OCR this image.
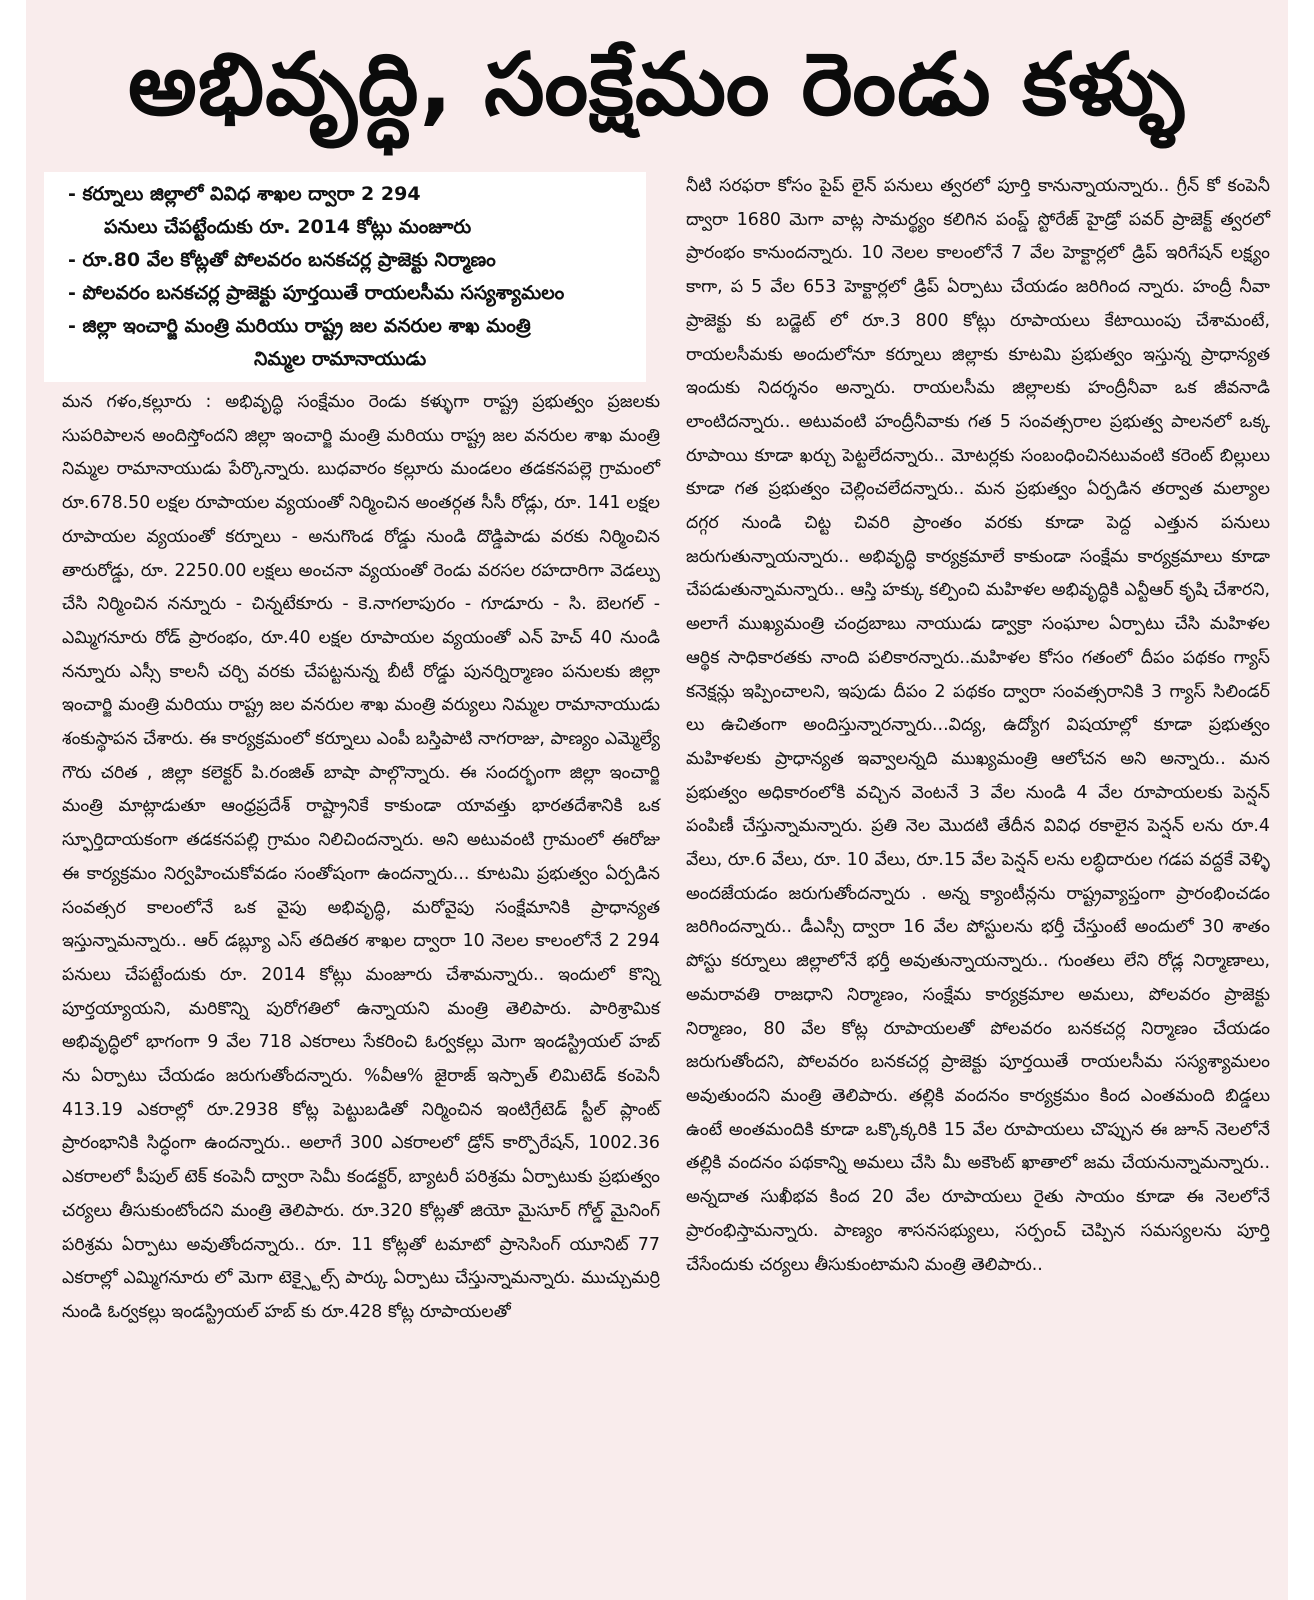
అభివృద్ధి, సంక్షేమం రెండు కళ్ళు
- కర్నూలు జిల్లాలో వివిధ శాఖల ద్వారా 2 294
పనులు చేపట్టేందుకు రూ. 2014 కోట్లు మంజూరు
- రూ.80 వేల కోట్లతో పోలవరం బనకచర్ల ప్రాజెక్టు నిర్మాణం
- పోలవరం బనకచర్ల ప్రాజెక్టు పూర్తయితే రాయలసీమ సస్యశ్యామలం
- జిల్లా ఇంచార్జి మంత్రి మరియు రాష్ట్ర జల వనరుల శాఖ మంత్రి
నిమ్మల రామానాయుడు

మన గళం,కల్లూరు : అభివృద్ధి సంక్షేమం రెండు కళ్ళుగా రాష్ట్ర ప్రభుత్వం ప్రజలకు సుపరిపాలన అందిస్తోందని జిల్లా ఇంచార్జి మంత్రి మరియు రాష్ట్ర జల వనరుల శాఖ మంత్రి నిమ్మల రామానాయుడు పేర్కొన్నారు. బుధవారం కల్లూరు మండలం తడకనపల్లె గ్రామంలో రూ.678.50 లక్షల రూపాయల వ్యయంతో నిర్మించిన అంతర్గత సీసీ రోడ్లు, రూ. 141 లక్షల రూపాయల వ్యయంతో కర్నూలు - అనుగొండ రోడ్డు నుండి దొడ్డిపాడు వరకు నిర్మించిన తారురోడ్డు, రూ. 2250.00 లక్షలు అంచనా వ్యయంతో రెండు వరసల రహదారిగా వెడల్పు చేసి నిర్మించిన నన్నూరు - చిన్నటేకూరు - కె.నాగలాపురం - గూడూరు - సి. బెలగల్ - ఎమ్మిగనూరు రోడ్ ప్రారంభం, రూ.40 లక్షల రూపాయల వ్యయంతో ఎన్ హెచ్ 40 నుండి నన్నూరు ఎస్సీ కాలనీ చర్చి వరకు చేపట్టనున్న బీటీ రోడ్డు పునర్నిర్మాణం పనులకు జిల్లా ఇంచార్జి మంత్రి మరియు రాష్ట్ర జల వనరుల శాఖ మంత్రి వర్యులు నిమ్మల రామానాయుడు శంకుస్థాపన చేశారు. ఈ కార్యక్రమంలో కర్నూలు ఎంపీ బస్తిపాటి నాగరాజు, పాణ్యం ఎమ్మెల్యే గౌరు చరిత , జిల్లా కలెక్టర్ పి.రంజిత్ బాషా పాల్గొన్నారు. ఈ సందర్భంగా జిల్లా ఇంచార్జి మంత్రి మాట్లాడుతూ ఆంధ్రప్రదేశ్ రాష్ట్రానికే కాకుండా యావత్తు భారతదేశానికి ఒక స్ఫూర్తిదాయకంగా తడకనపల్లి గ్రామం నిలిచిందన్నారు. అని అటువంటి గ్రామంలో ఈరోజు ఈ కార్యక్రమం నిర్వహించుకోవడం సంతోషంగా ఉందన్నారు... కూటమి ప్రభుత్వం ఏర్పడిన సంవత్సర కాలంలోనే ఒక వైపు అభివృద్ధి, మరోవైపు సంక్షేమానికి ప్రాధాన్యత ఇస్తున్నామన్నారు.. ఆర్ డబ్ల్యూ ఎస్ తదితర శాఖల ద్వారా 10 నెలల కాలంలోనే 2 294 పనులు చేపట్టేందుకు రూ. 2014 కోట్లు మంజూరు చేశామన్నారు.. ఇందులో కొన్ని పూర్తయ్యాయని, మరికొన్ని పురోగతిలో ఉన్నాయని మంత్రి తెలిపారు. పారిశ్రామిక అభివృద్ధిలో భాగంగా 9 వేల 718 ఎకరాలు సేకరించి ఓర్వకల్లు మెగా ఇండస్ట్రియల్ హబ్ ను ఏర్పాటు చేయడం జరుగుతోందన్నారు. %వీఆ% జైరాజ్ ఇస్పాత్ లిమిటెడ్ కంపెనీ 413.19 ఎకరాల్లో రూ.2938 కోట్ల పెట్టుబడితో నిర్మించిన ఇంటిగ్రేటెడ్ స్టీల్ ప్లాంట్ ప్రారంభానికి సిద్ధంగా ఉందన్నారు.. అలాగే 300 ఎకరాలలో డ్రోన్ కార్పొరేషన్, 1002.36 ఎకరాలలో పీపుల్ టెక్ కంపెనీ ద్వారా సెమీ కండక్టర్, బ్యాటరీ పరిశ్రమ ఏర్పాటుకు ప్రభుత్వం చర్యలు తీసుకుంటోందని మంత్రి తెలిపారు. రూ.320 కోట్లతో జియో మైసూర్ గోల్డ్ మైనింగ్ పరిశ్రమ ఏర్పాటు అవుతోందన్నారు.. రూ. 11 కోట్లతో టమాటో ప్రాసెసింగ్ యూనిట్ 77 ఎకరాల్లో ఎమ్మిగనూరు లో మెగా టెక్స్టైల్స్ పార్కు ఏర్పాటు చేస్తున్నామన్నారు. ముచ్చుమర్రి నుండి ఓర్వకల్లు ఇండస్ట్రియల్ హబ్ కు రూ.428 కోట్ల రూపాయలతో

నీటి సరఫరా కోసం పైప్ లైన్ పనులు త్వరలో పూర్తి కానున్నాయన్నారు.. గ్రీన్ కో కంపెనీ ద్వారా 1680 మెగా వాట్ల సామర్థ్యం కలిగిన పంప్డ్ స్టోరేజ్ హైడ్రో పవర్ ప్రాజెక్ట్ త్వరలో ప్రారంభం కానుందన్నారు. 10 నెలల కాలంలోనే 7 వేల హెక్టార్లలో డ్రిప్ ఇరిగేషన్ లక్ష్యం కాగా, ప 5 వేల 653 హెక్టార్లలో డ్రిప్ ఏర్పాటు చేయడం జరిగింద న్నారు. హంద్రీ నీవా ప్రాజెక్టు కు బడ్జెట్ లో రూ.3 800 కోట్లు రూపాయలు కేటాయింపు చేశామంటే, రాయలసీమకు అందులోనూ కర్నూలు జిల్లాకు కూటమి ప్రభుత్వం ఇస్తున్న ప్రాధాన్యత ఇందుకు నిదర్శనం అన్నారు. రాయలసీమ జిల్లాలకు హంద్రీనీవా ఒక జీవనాడి లాంటిదన్నారు.. అటువంటి హంద్రీనీవాకు గత 5 సంవత్సరాల ప్రభుత్వ పాలనలో ఒక్క రూపాయి కూడా ఖర్చు పెట్టలేదన్నారు.. మోటర్లకు సంబంధించినటువంటి కరెంట్ బిల్లులు కూడా గత ప్రభుత్వం చెల్లించలేదన్నారు.. మన ప్రభుత్వం ఏర్పడిన తర్వాత మల్యాల దగ్గర నుండి చిట్ట చివరి ప్రాంతం వరకు కూడా పెద్ద ఎత్తున పనులు జరుగుతున్నాయన్నారు.. అభివృద్ధి కార్యక్రమాలే కాకుండా సంక్షేమ కార్యక్రమాలు కూడా చేపడుతున్నామన్నారు.. ఆస్తి హక్కు కల్పించి మహిళల అభివృద్ధికి ఎన్టీఆర్ కృషి చేశారని, అలాగే ముఖ్యమంత్రి చంద్రబాబు నాయుడు డ్వాక్రా సంఘాల ఏర్పాటు చేసి మహిళల ఆర్థిక సాధికారతకు నాంది పలికారన్నారు..మహిళల కోసం గతంలో దీపం పథకం గ్యాస్ కనెక్షన్లు ఇప్పించాలని, ఇపుడు దీపం 2 పథకం ద్వారా సంవత్సరానికి 3 గ్యాస్ సిలిండర్ లు ఉచితంగా అందిస్తున్నారన్నారు...విద్య, ఉద్యోగ విషయాల్లో కూడా ప్రభుత్వం మహిళలకు ప్రాధాన్యత ఇవ్వాలన్నది ముఖ్యమంత్రి ఆలోచన అని అన్నారు.. మన ప్రభుత్వం అధికారంలోకి వచ్చిన వెంటనే 3 వేల నుండి 4 వేల రూపాయలకు పెన్షన్ పంపిణీ చేస్తున్నామన్నారు. ప్రతి నెల మొదటి తేదీన వివిధ రకాలైన పెన్షన్ లను రూ.4 వేలు, రూ.6 వేలు, రూ. 10 వేలు, రూ.15 వేల పెన్షన్ లను లబ్ధిదారుల గడప వద్దకే వెళ్ళి అందజేయడం జరుగుతోందన్నారు . అన్న క్యాంటీన్లను రాష్ట్రవ్యాప్తంగా ప్రారంభించడం జరిగిందన్నారు.. డీఎస్సీ ద్వారా 16 వేల పోస్టులను భర్తీ చేస్తుంటే అందులో 30 శాతం పోస్టు కర్నూలు జిల్లాలోనే భర్తీ అవుతున్నాయన్నారు.. గుంతలు లేని రోడ్ల నిర్మాణాలు, అమరావతి రాజధాని నిర్మాణం, సంక్షేమ కార్యక్రమాల అమలు, పోలవరం ప్రాజెక్టు నిర్మాణం, 80 వేల కోట్ల రూపాయలతో పోలవరం బనకచర్ల నిర్మాణం చేయడం జరుగుతోందని, పోలవరం బనకచర్ల ప్రాజెక్టు పూర్తయితే రాయలసీమ సస్యశ్యామలం అవుతుందని మంత్రి తెలిపారు. తల్లికి వందనం కార్యక్రమం కింద ఎంతమంది బిడ్డలు ఉంటే అంతమందికి కూడా ఒక్కొక్కరికి 15 వేల రూపాయలు చొప్పున ఈ జూన్ నెలలోనే తల్లికి వందనం పథకాన్ని అమలు చేసి మీ అకౌంట్ ఖాతాలో జమ చేయనున్నామన్నారు.. అన్నదాత సుఖీభవ కింద 20 వేల రూపాయలు రైతు సాయం కూడా ఈ నెలలోనే ప్రారంభిస్తామన్నారు. పాణ్యం శాసనసభ్యులు, సర్పంచ్ చెప్పిన సమస్యలను పూర్తి చేసేందుకు చర్యలు తీసుకుంటామని మంత్రి తెలిపారు..
